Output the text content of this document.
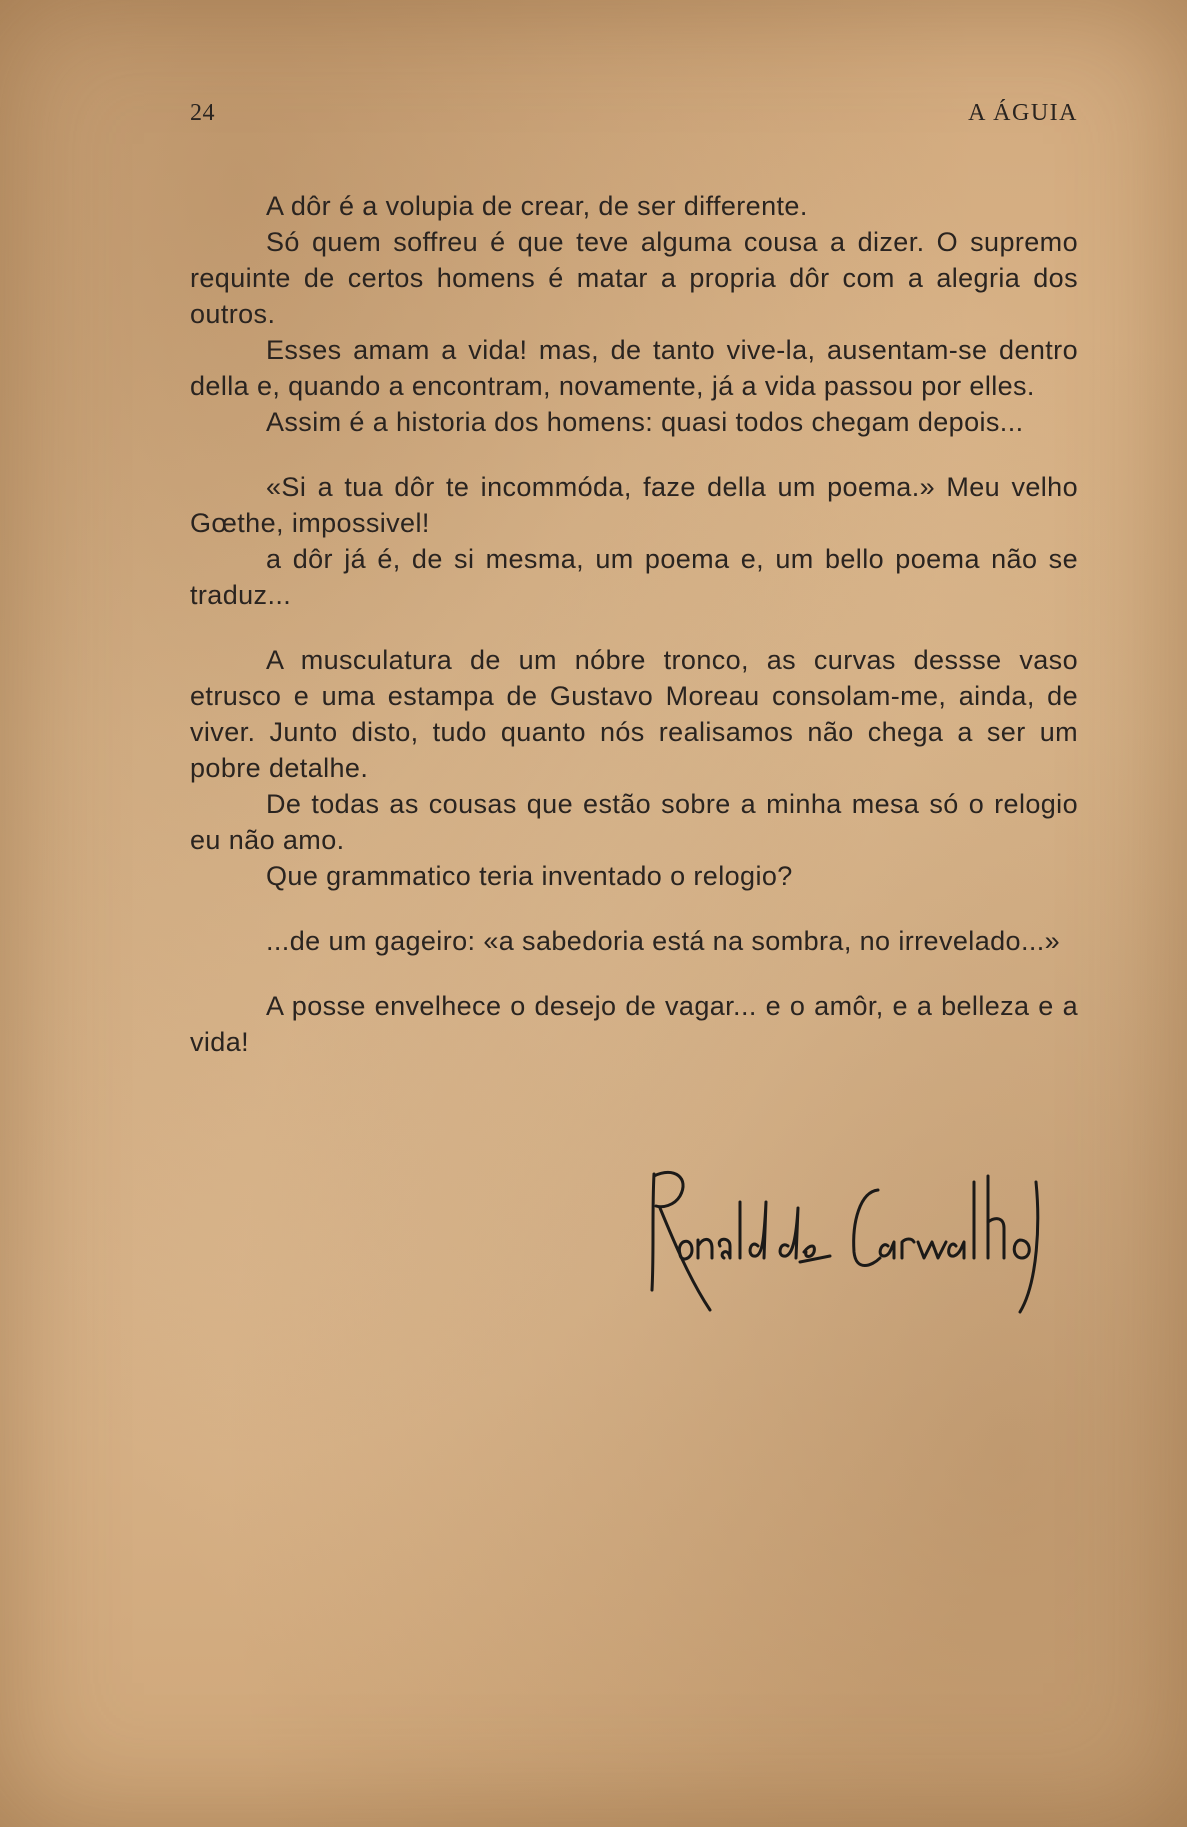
24	A ÁGUIA

A dôr é a volupia de crear, de ser differente.

Só quem soffreu é que teve alguma cousa a dizer. O supremo requinte de certos homens é matar a propria dôr com a alegria dos outros.

Esses amam a vida! mas, de tanto vive-la, ausentam-se dentro della e, quando a encontram, novamente, já a vida passou por elles.

Assim é a historia dos homens: quasi todos chegam depois...

«Si a tua dôr te incommóda, faze della um poema.» Meu velho Gœthe, impossivel!

a dôr já é, de si mesma, um poema e, um bello poema não se traduz...

A musculatura de um nóbre tronco, as curvas dessse vaso etrusco e uma estampa de Gustavo Moreau consolam-me, ainda, de viver. Junto disto, tudo quanto nós realisamos não chega a ser um pobre detalhe.

De todas as cousas que estão sobre a minha mesa só o relogio eu não amo.

Que grammatico teria inventado o relogio?

...de um gageiro: «a sabedoria está na sombra, no irrevelado...»

A posse envelhece o desejo de vagar... e o amôr, e a belleza e a vida!
